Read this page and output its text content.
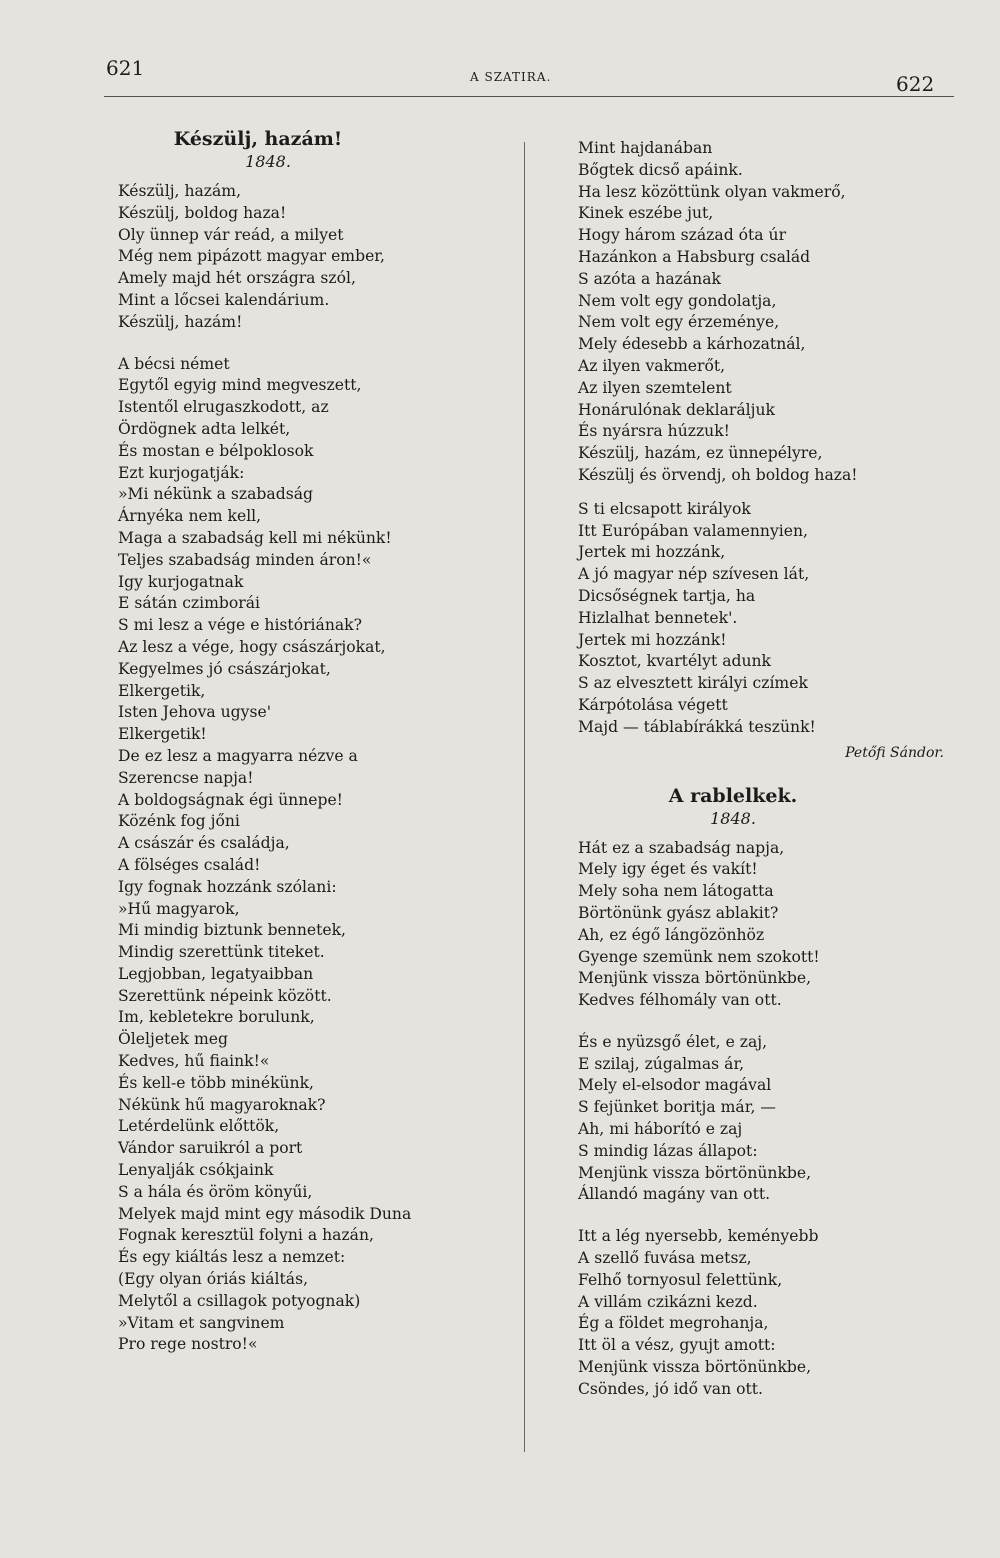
621	A SZATIRA.	622
Készülj, hazám!
1848.
Készülj, hazám,
Készülj, boldog haza!
Oly ünnep vár reád, a milyet
Még nem pipázott magyar ember,
Amely majd hét országra szól,
Mint a lőcsei kalendárium.
Készülj, hazám!
A bécsi német
Egytől egyig mind megveszett,
Istentől elrugaszkodott, az
Ördögnek adta lelkét,
És mostan e bélpoklosok
Ezt kurjogatják:
»Mi nékünk a szabadság
Árnyéka nem kell,
Maga a szabadság kell mi nékünk!
Teljes szabadság minden áron!«
Igy kurjogatnak
E sátán czimborái
S mi lesz a vége e históriának?
Az lesz a vége, hogy császárjokat,
Kegyelmes jó császárjokat,
Elkergetik,
Isten Jehova ugyse'
Elkergetik!
De ez lesz a magyarra nézve a
Szerencse napja!
A boldogságnak égi ünnepe!
Közénk fog jőni
A császár és családja,
A fölséges család!
Igy fognak hozzánk szólani:
»Hű magyarok,
Mi mindig biztunk bennetek,
Mindig szerettünk titeket.
Legjobban, legatyaibban
Szerettünk népeink között.
Im, kebletekre borulunk,
Öleljetek meg
Kedves, hű fiaink!«
És kell-e több minékünk,
Nékünk hű magyaroknak?
Letérdelünk előttök,
Vándor saruikról a port
Lenyalják csókjaink
S a hála és öröm könyűi,
Melyek majd mint egy második Duna
Fognak keresztül folyni a hazán,
És egy kiáltás lesz a nemzet:
(Egy olyan óriás kiáltás,
Melytől a csillagok potyognak)
»Vitam et sangvinem
Pro rege nostro!«
Mint hajdanában
Bőgtek dicső apáink.
Ha lesz közöttünk olyan vakmerő,
Kinek eszébe jut,
Hogy három század óta úr
Hazánkon a Habsburg család
S azóta a hazának
Nem volt egy gondolatja,
Nem volt egy érzeménye,
Mely édesebb a kárhozatnál,
Az ilyen vakmerőt,
Az ilyen szemtelent
Honárulónak deklaráljuk
És nyársra húzzuk!
Készülj, hazám, ez ünnepélyre,
Készülj és örvendj, oh boldog haza!
S ti elcsapott királyok
Itt Európában valamennyien,
Jertek mi hozzánk,
A jó magyar nép szívesen lát,
Dicsőségnek tartja, ha
Hizlalhat bennetek'.
Jertek mi hozzánk!
Kosztot, kvartélyt adunk
S az elvesztett királyi czímek
Kárpótolása végett
Majd — táblabírákká teszünk!
Petőfi Sándor.
A rablelkek.
1848.
Hát ez a szabadság napja,
Mely igy éget és vakít!
Mely soha nem látogatta
Börtönünk gyász ablakit?
Ah, ez égő lángözönhöz
Gyenge szemünk nem szokott!
Menjünk vissza börtönünkbe,
Kedves félhomály van ott.
És e nyüzsgő élet, e zaj,
E szilaj, zúgalmas ár,
Mely el-elsodor magával
S fejünket boritja már, —
Ah, mi háborító e zaj
S mindig lázas állapot:
Menjünk vissza börtönünkbe,
Állandó magány van ott.
Itt a lég nyersebb, keményebb
A szellő fuvása metsz,
Felhő tornyosul felettünk,
A villám czikázni kezd.
Ég a földet megrohanja,
Itt öl a vész, gyujt amott:
Menjünk vissza börtönünkbe,
Csöndes, jó idő van ott.
